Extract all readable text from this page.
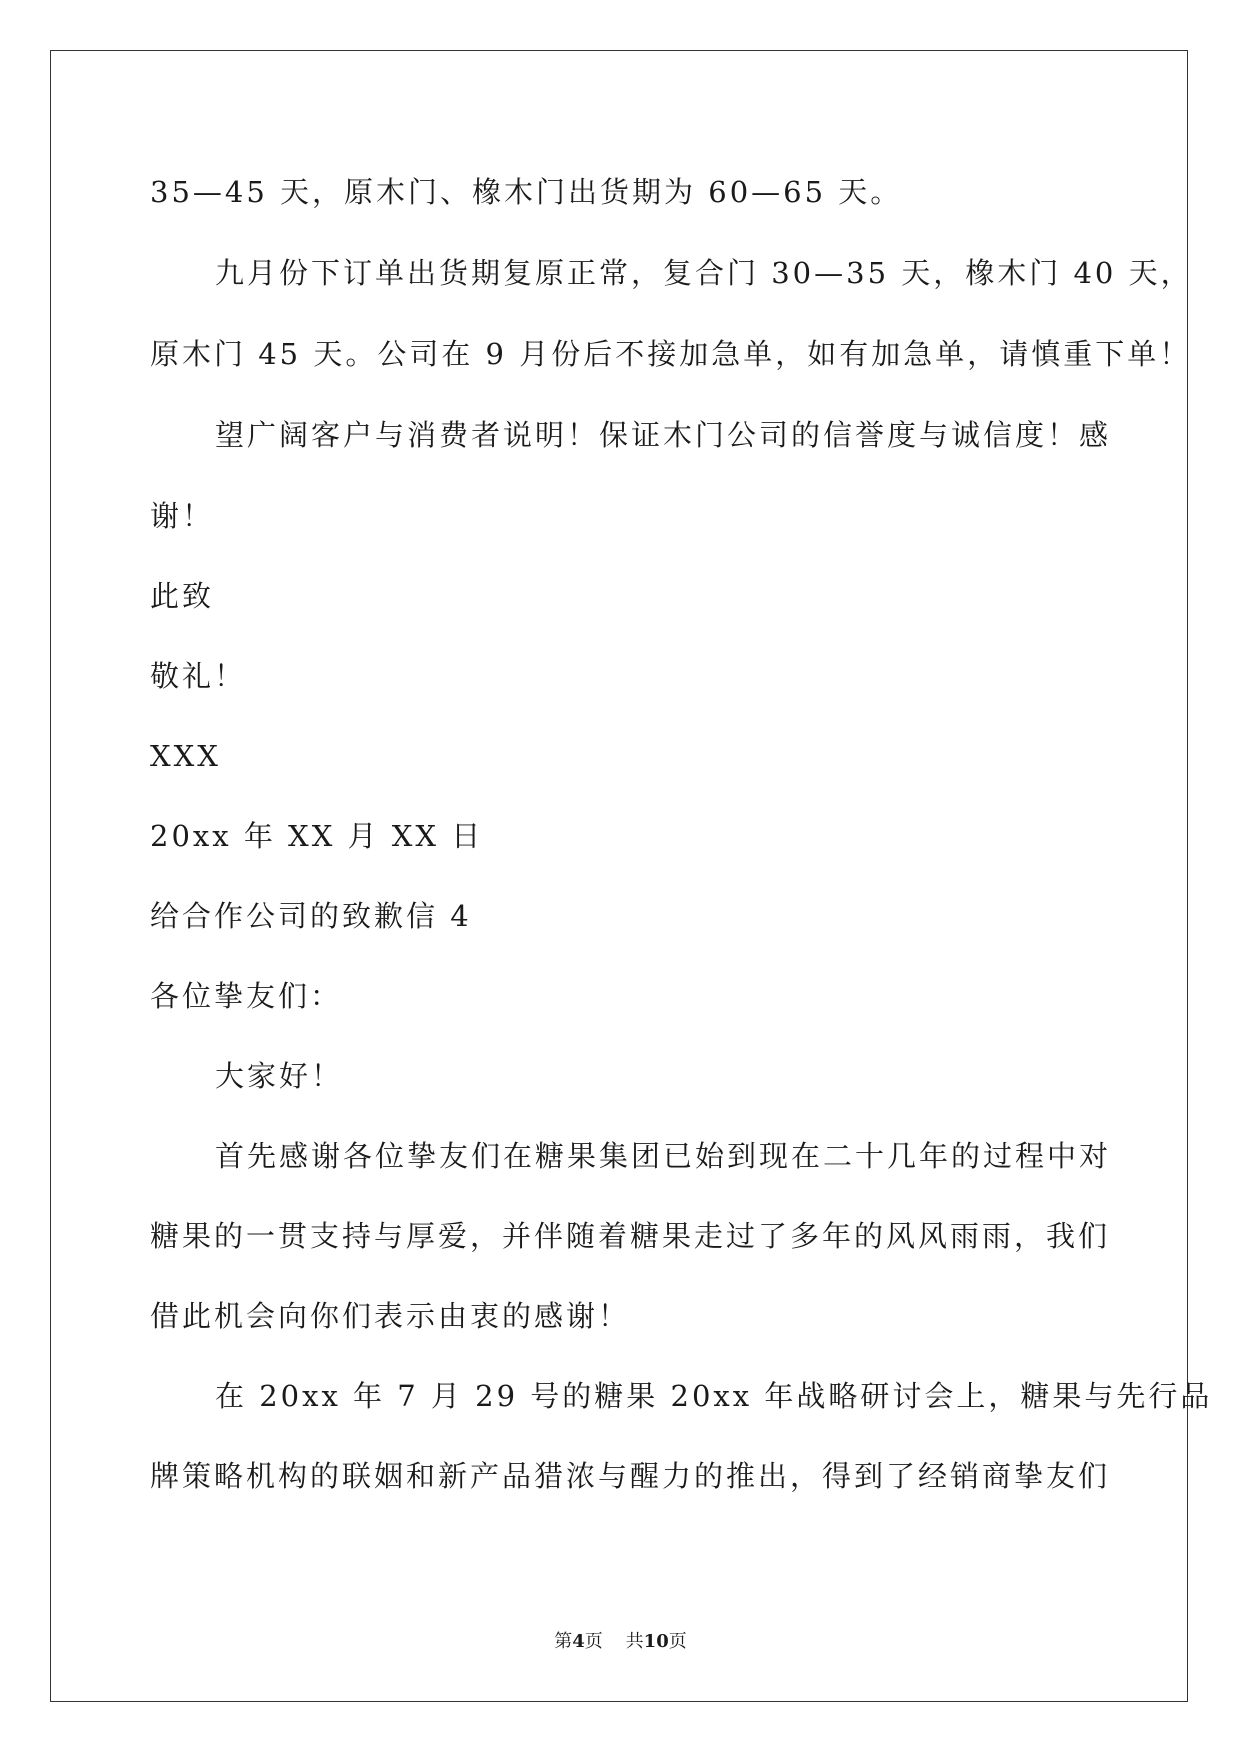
35—45 天，原木门、橡木门出货期为 60—65 天。
九月份下订单出货期复原正常，复合门 30—35 天，橡木门 40 天，
原木门 45 天。公司在 9 月份后不接加急单，如有加急单，请慎重下单！
望广阔客户与消费者说明！保证木门公司的信誉度与诚信度！感
谢！
此致
敬礼！
XXX
20xx 年 XX 月 XX 日
给合作公司的致歉信 4
各位挚友们：
大家好！
首先感谢各位挚友们在糖果集团已始到现在二十几年的过程中对
糖果的一贯支持与厚爱，并伴随着糖果走过了多年的风风雨雨，我们
借此机会向你们表示由衷的感谢！
在 20xx 年 7 月 29 号的糖果 20xx 年战略研讨会上，糖果与先行品
牌策略机构的联姻和新产品猎浓与醒力的推出，得到了经销商挚友们
第4页 共10页
